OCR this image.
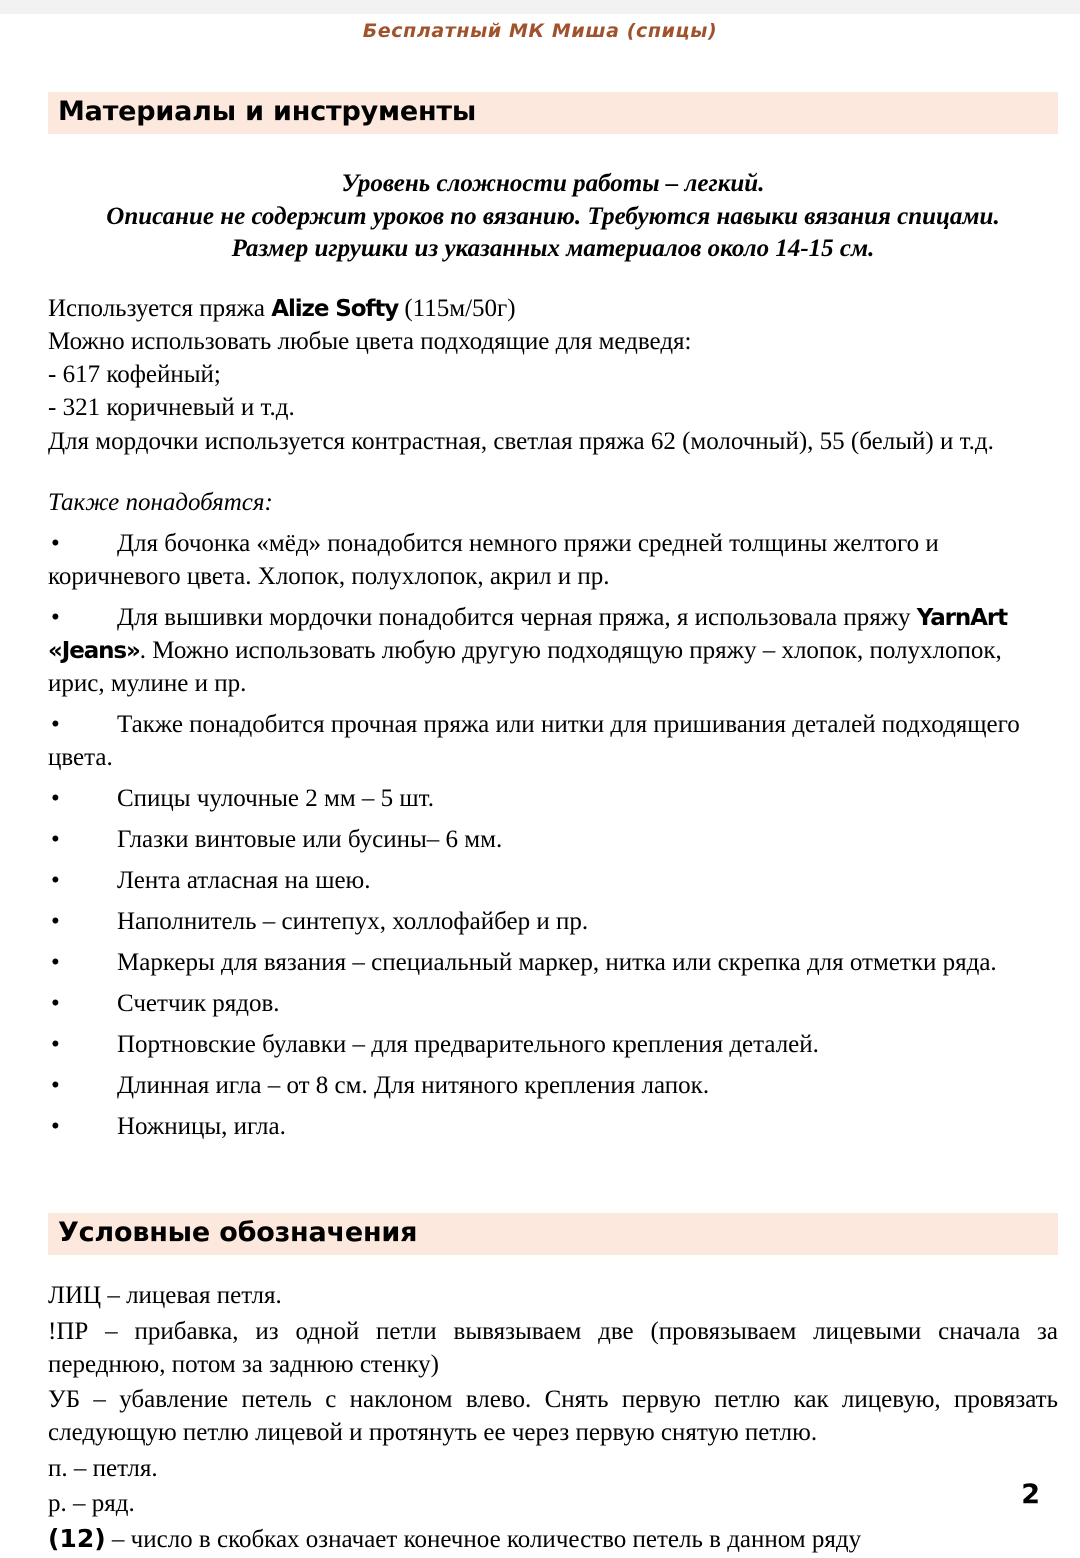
Бесплатный МК Миша (спицы)
Материалы и инструменты
Уровень сложности работы – легкий.
Описание не содержит уроков по вязанию. Требуются навыки вязания спицами.
Размер игрушки из указанных материалов около 14-15 см.
Используется пряжа Alize Softy (115м/50г)
Можно использовать любые цвета подходящие для медведя:
- 617 кофейный;
- 321 коричневый и т.д.
Для мордочки используется контрастная, светлая пряжа 62 (молочный), 55 (белый) и т.д.
Также понадобятся:
• Для бочонка «мёд» понадобится немного пряжи средней толщины желтого и
коричневого цвета. Хлопок, полухлопок, акрил и пр.
• Для вышивки мордочки понадобится черная пряжа, я использовала пряжу YarnArt
«Jeans». Можно использовать любую другую подходящую пряжу – хлопок, полухлопок,
ирис, мулине и пр.
• Также понадобится прочная пряжа или нитки для пришивания деталей подходящего
цвета.
• Спицы чулочные 2 мм – 5 шт.
• Глазки винтовые или бусины– 6 мм.
• Лента атласная на шею.
• Наполнитель – синтепух, холлофайбер и пр.
• Маркеры для вязания – специальный маркер, нитка или скрепка для отметки ряда.
• Счетчик рядов.
• Портновские булавки – для предварительного крепления деталей.
• Длинная игла – от 8 см. Для нитяного крепления лапок.
• Ножницы, игла.
Условные обозначения

ЛИЦ – лицевая петля.

!ПР – прибавка, из одной петли вывязываем две (провязываем лицевыми сначала за переднюю, потом за заднюю стенку)

УБ – убавление петель с наклоном влево. Снять первую петлю как лицевую, провязать следующую петлю лицевой и протянуть ее через первую снятую петлю.

п. – петля.

р. – ряд.

(12) – число в скобках означает конечное количество петель в данном ряду

2
